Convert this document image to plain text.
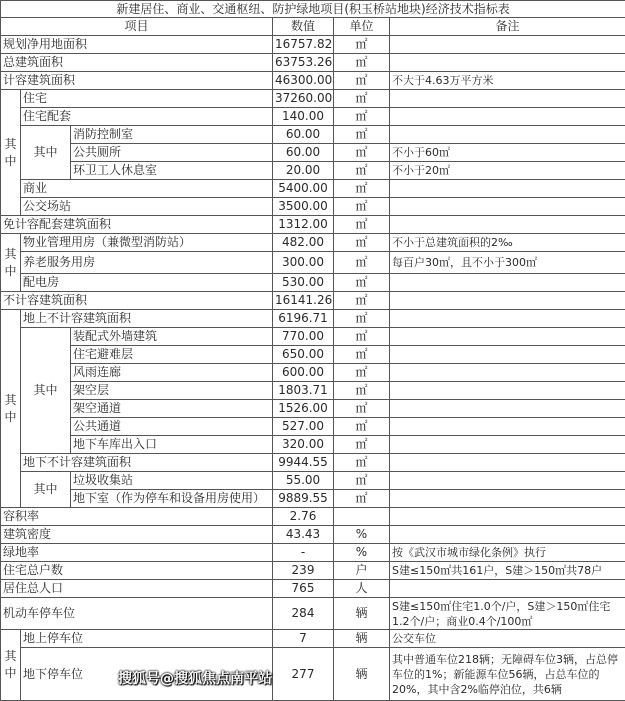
新建居住、商业、交通枢纽、防护绿地项目(积玉桥站地块)经济技术指标表					
项目			数值	单位	备注
规划净用地面积			16757.82	㎡	
总建筑面积			63753.26	㎡	
计容建筑面积			46300.00	㎡	不大于4.63万平方米
其中	住宅		37260.00	㎡	
	住宅配套		140.00	㎡	
	其中	消防控制室	60.00	㎡	
		公共厕所	60.00	㎡	不小于60㎡
		环卫工人休息室	20.00	㎡	不小于20㎡
	商业		5400.00	㎡	
	公交场站		3500.00	㎡	
免计容配套建筑面积			1312.00	㎡	
其中	物业管理用房（兼微型消防站）		482.00	㎡	不小于总建筑面积的2‰
	养老服务用房		300.00	㎡	每百户30㎡，且不小于300㎡
	配电房		530.00	㎡	
不计容建筑面积			16141.26	㎡	
其中	地上不计容建筑面积		6196.71	㎡	
	其中	装配式外墙建筑	770.00	㎡	
		住宅避难层	650.00	㎡	
		风雨连廊	600.00	㎡	
		架空层	1803.71	㎡	
		架空通道	1526.00	㎡	
		公共通道	527.00	㎡	
		地下车库出入口	320.00	㎡	
	地下不计容建筑面积		9944.55	㎡	
	其中	垃圾收集站	55.00	㎡	
		地下室（作为停车和设备用房使用）	9889.55	㎡	
容积率			2.76		
建筑密度			43.43	%	
绿地率			-	%	按《武汉市城市绿化条例》执行
住宅总户数			239	户	S建≤150㎡共161户，S建＞150㎡共78户
居住总人口			765	人	
机动车停车位			284	辆	S建≤150㎡住宅1.0个/户，S建＞150㎡住宅1.2个/户；商业0.4个/100㎡
其中	地上停车位		7	辆	公交车位
	地下停车位		277	辆	其中普通车位218辆；无障碍车位3辆，占总停车位的1%；新能源车位56辆，占总车位的20%，其中含2%临停泊位，共6辆
搜狐号@搜狐焦点南平站
